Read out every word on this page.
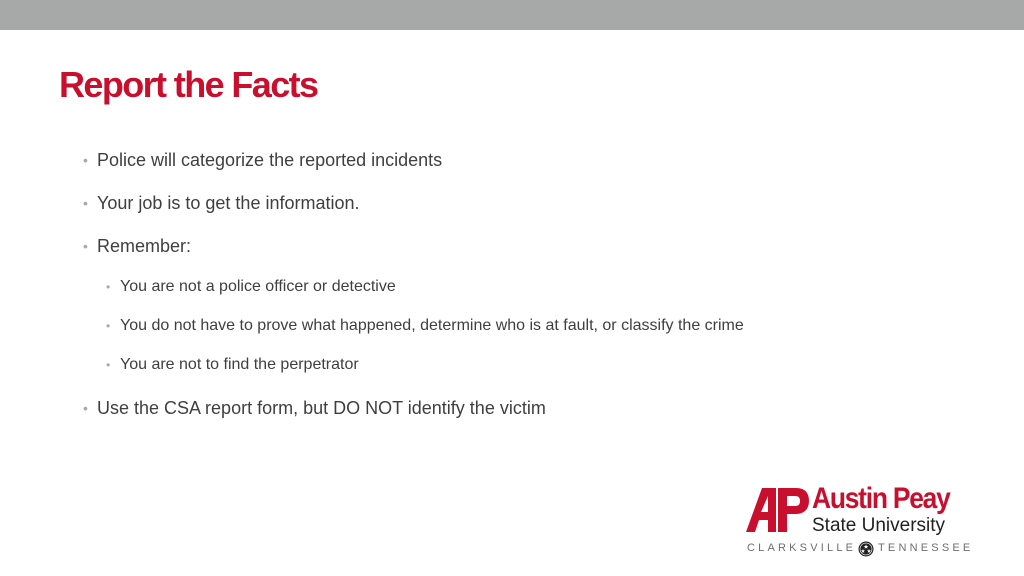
Report the Facts
• Police will categorize the reported incidents
• Your job is to get the information.
• Remember:
• You are not a police officer or detective
• You do not have to prove what happened, determine who is at fault, or classify the crime
• You are not to find the perpetrator
• Use the CSA report form, but DO NOT identify the victim
Austin Peay
State University
CLARKSVILLE TENNESSEE
